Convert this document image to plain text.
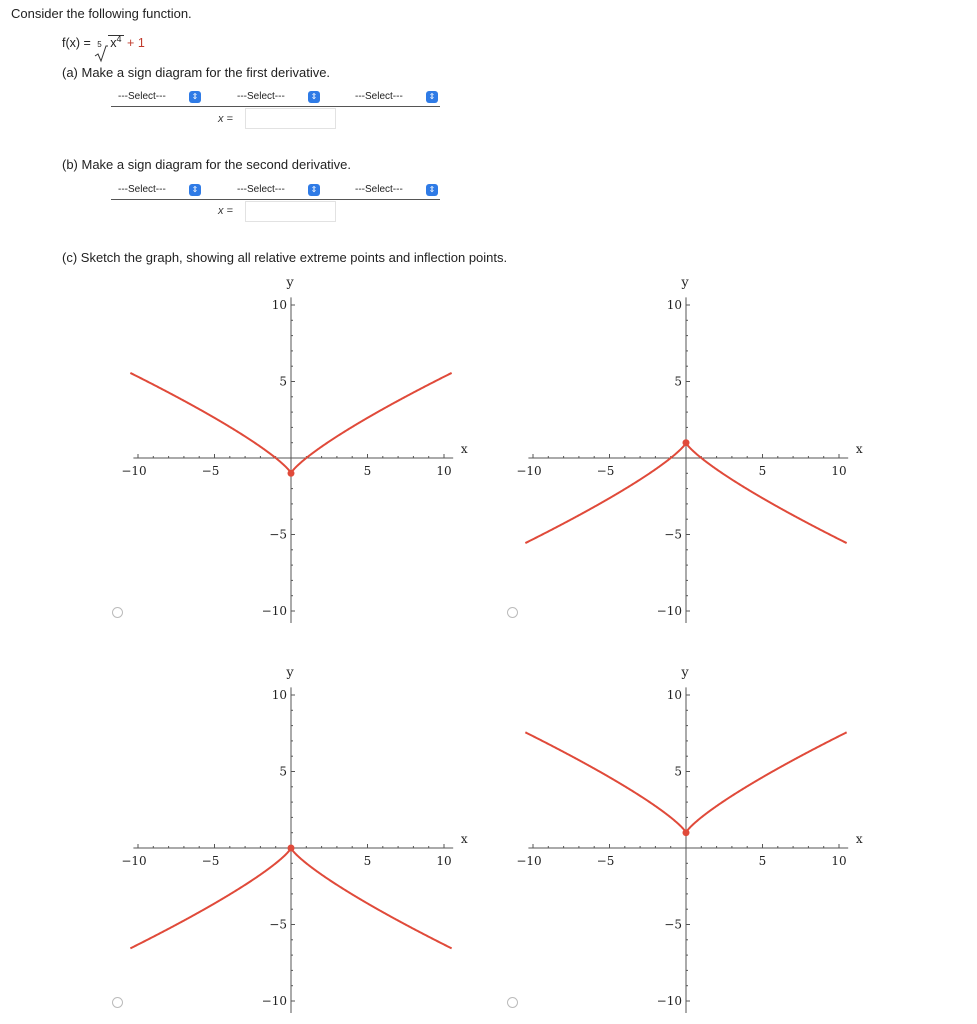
Consider the following function.
f(x) = 5 $x^4 + 1$
(a) Make a sign diagram for the first derivative.
---Select---	⇕	---Select---	⇕	---Select---	⇕
x =
(b) Make a sign diagram for the second derivative.
---Select---	⇕	---Select---	⇕	---Select---	⇕
x =
(c) Sketch the graph, showing all relative extreme points and inflection points.
−10	−5	5	10
10
5
−5
−10
x
y
−10	−5	5	10
10
5
−5
−10
x
y
−10	−5	5	10
10
5
−5
−10
x
y
−10	−5	5	10
10
5
−5
−10
x
y
